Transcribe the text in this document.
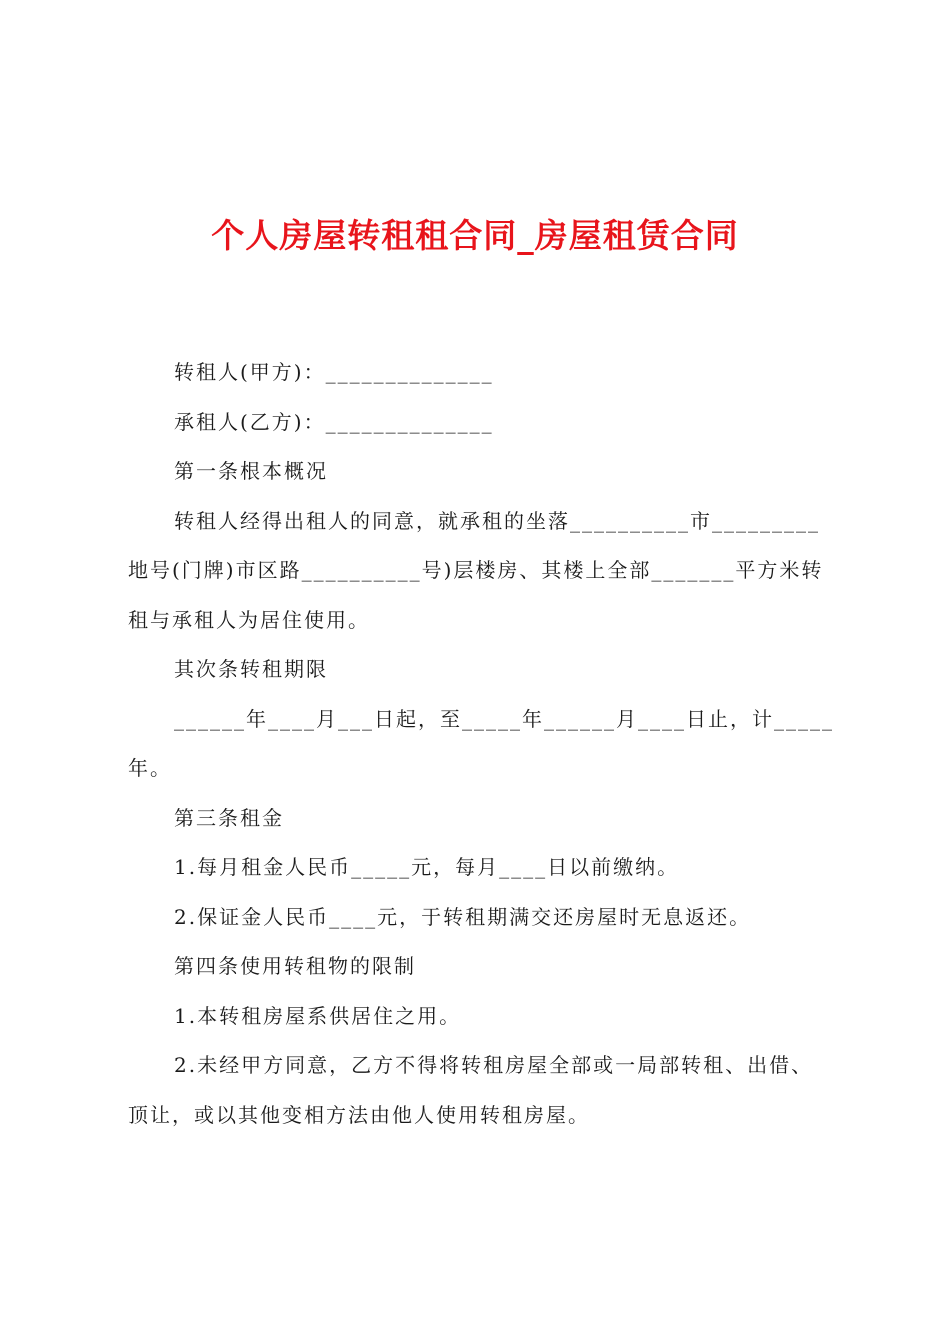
个人房屋转租租合同_房屋租赁合同

转租人(甲方)：______________

承租人(乙方)：______________

第一条根本概况

转租人经得出租人的同意，就承租的坐落__________市_________地号(门牌)市区路__________号)层楼房、其楼上全部_______平方米转租与承租人为居住使用。

其次条转租期限

______年____月___日起，至_____年______月____日止，计_____年。

第三条租金

1.每月租金人民币_____元，每月____日以前缴纳。

2.保证金人民币____元，于转租期满交还房屋时无息返还。

第四条使用转租物的限制

1.本转租房屋系供居住之用。

2.未经甲方同意，乙方不得将转租房屋全部或一局部转租、出借、顶让，或以其他变相方法由他人使用转租房屋。
